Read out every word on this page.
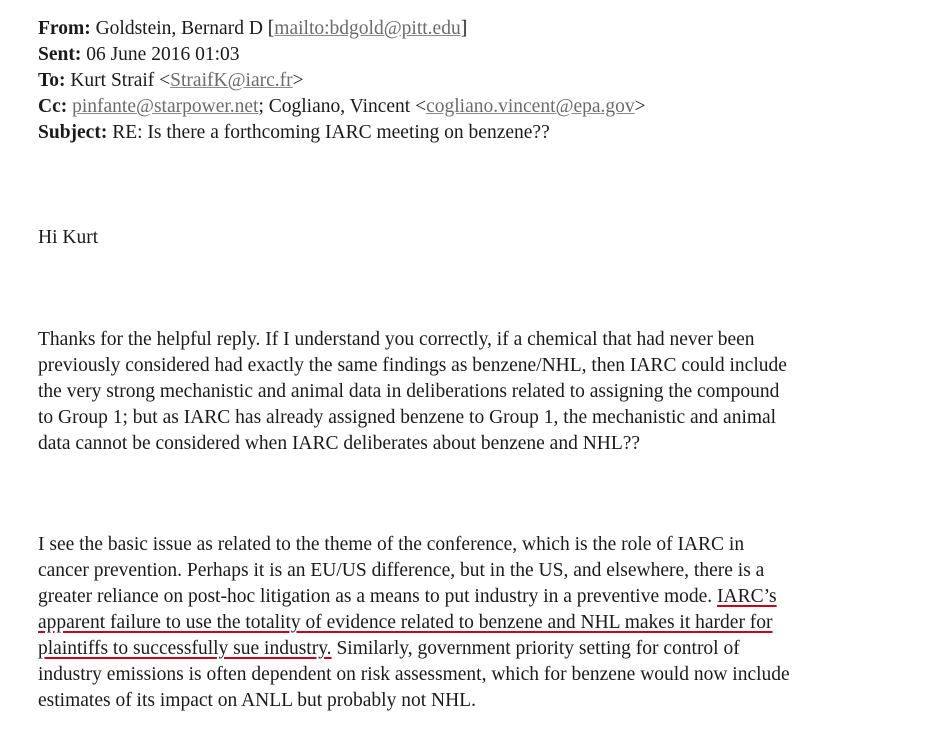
From: Goldstein, Bernard D [mailto:bdgold@pitt.edu]
Sent: 06 June 2016 01:03
To: Kurt Straif <StraifK@iarc.fr>
Cc: pinfante@starpower.net; Cogliano, Vincent <cogliano.vincent@epa.gov>
Subject: RE: Is there a forthcoming IARC meeting on benzene??

Hi Kurt

Thanks for the helpful reply. If I understand you correctly, if a chemical that had never been
previously considered had exactly the same findings as benzene/NHL, then IARC could include
the very strong mechanistic and animal data in deliberations related to assigning the compound
to Group 1; but as IARC has already assigned benzene to Group 1, the mechanistic and animal
data cannot be considered when IARC deliberates about benzene and NHL??

I see the basic issue as related to the theme of the conference, which is the role of IARC in
cancer prevention. Perhaps it is an EU/US difference, but in the US, and elsewhere, there is a
greater reliance on post-hoc litigation as a means to put industry in a preventive mode. IARC’s
apparent failure to use the totality of evidence related to benzene and NHL makes it harder for
plaintiffs to successfully sue industry. Similarly, government priority setting for control of
industry emissions is often dependent on risk assessment, which for benzene would now include
estimates of its impact on ANLL but probably not NHL.
